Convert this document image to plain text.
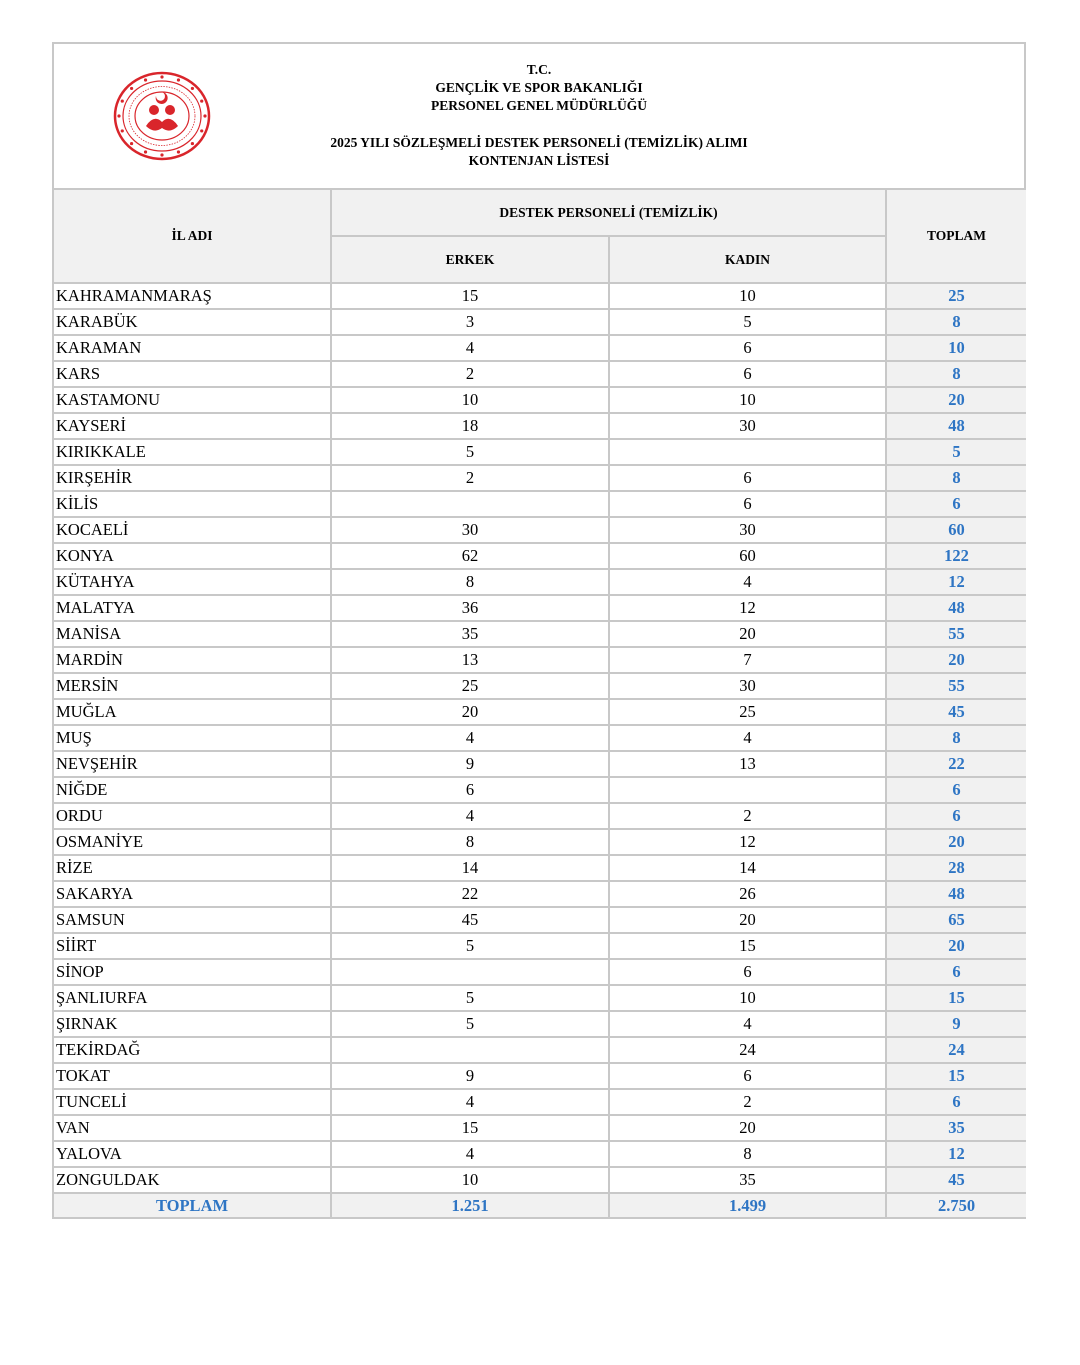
T.C.
GENÇLİK VE SPOR BAKANLIĞI
PERSONEL GENEL MÜDÜRLÜĞÜ
2025 YILI SÖZLEŞMELİ DESTEK PERSONELİ (TEMİZLİK) ALIMI
KONTENJAN LİSTESİ
İL ADI	DESTEK PERSONELİ (TEMİZLİK)		TOPLAM
	ERKEK	KADIN	
KAHRAMANMARAŞ	15	10	25
KARABÜK	3	5	8
KARAMAN	4	6	10
KARS	2	6	8
KASTAMONU	10	10	20
KAYSERİ	18	30	48
KIRIKKALE	5		5
KIRŞEHİR	2	6	8
KİLİS		6	6
KOCAELİ	30	30	60
KONYA	62	60	122
KÜTAHYA	8	4	12
MALATYA	36	12	48
MANİSA	35	20	55
MARDİN	13	7	20
MERSİN	25	30	55
MUĞLA	20	25	45
MUŞ	4	4	8
NEVŞEHİR	9	13	22
NİĞDE	6		6
ORDU	4	2	6
OSMANİYE	8	12	20
RİZE	14	14	28
SAKARYA	22	26	48
SAMSUN	45	20	65
SİİRT	5	15	20
SİNOP		6	6
ŞANLIURFA	5	10	15
ŞIRNAK	5	4	9
TEKİRDAĞ		24	24
TOKAT	9	6	15
TUNCELİ	4	2	6
VAN	15	20	35
YALOVA	4	8	12
ZONGULDAK	10	35	45
TOPLAM	1.251	1.499	2.750
